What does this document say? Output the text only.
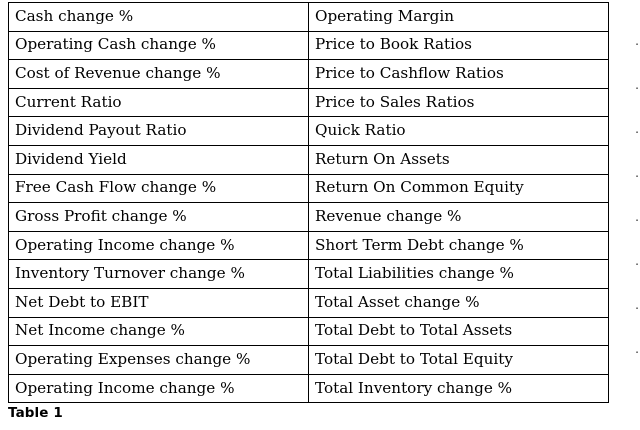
Cash change %	Operating Margin
Operating Cash change %	Price to Book Ratios
Cost of Revenue change %	Price to Cashflow Ratios
Current Ratio	Price to Sales Ratios
Dividend Payout Ratio	Quick Ratio
Dividend Yield	Return On Assets
Free Cash Flow change %	Return On Common Equity
Gross Profit change %	Revenue change %
Operating Income change %	Short Term Debt change %
Inventory Turnover change %	Total Liabilities change %
Net Debt to EBIT	Total Asset change %
Net Income change %	Total Debt to Total Assets
Operating Expenses change %	Total Debt to Total Equity
Operating Income change %	Total Inventory change %
Table 1
.
.
.
.
.
.
.
.
